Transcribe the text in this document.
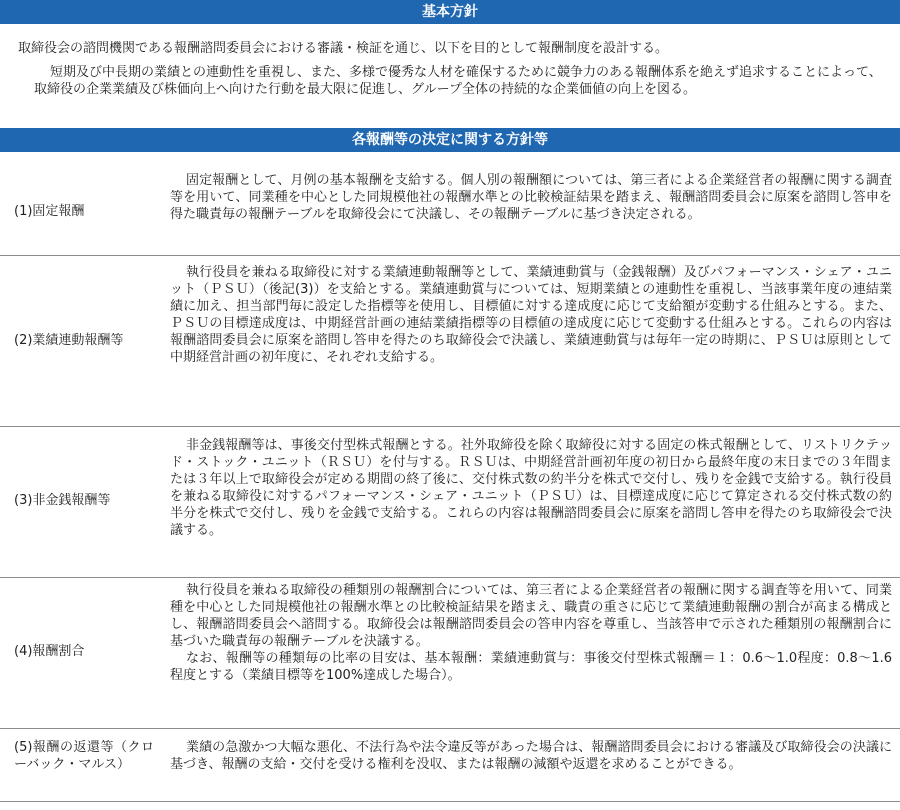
基本方針
取締役会の諮問機関である報酬諮問委員会における審議・検証を通じ、以下を目的として報酬制度を設計する。
短期及び中長期の業績との連動性を重視し、また、多様で優秀な人材を確保するために競争力のある報酬体系を絶えず追求することによって、取締役の企業業績及び株価向上へ向けた行動を最大限に促進し、グループ全体の持続的な企業価値の向上を図る。
各報酬等の決定に関する方針等
(1)固定報酬
固定報酬として、月例の基本報酬を支給する。個人別の報酬額については、第三者による企業経営者の報酬に関する調査等を用いて、同業種を中心とした同規模他社の報酬水準との比較検証結果を踏まえ、報酬諮問委員会に原案を諮問し答申を得た職責毎の報酬テーブルを取締役会にて決議し、その報酬テーブルに基づき決定される。
(2)業績連動報酬等
執行役員を兼ねる取締役に対する業績連動報酬等として、業績連動賞与（金銭報酬）及びパフォーマンス・シェア・ユニット（ＰＳＵ）（後記(3)）を支給とする。業績連動賞与については、短期業績との連動性を重視し、当該事業年度の連結業績に加え、担当部門毎に設定した指標等を使用し、目標値に対する達成度に応じて支給額が変動する仕組みとする。また、ＰＳＵの目標達成度は、中期経営計画の連結業績指標等の目標値の達成度に応じて変動する仕組みとする。これらの内容は報酬諮問委員会に原案を諮問し答申を得たのち取締役会で決議し、業績連動賞与は毎年一定の時期に、ＰＳＵは原則として中期経営計画の初年度に、それぞれ支給する。
(3)非金銭報酬等
非金銭報酬等は、事後交付型株式報酬とする。社外取締役を除く取締役に対する固定の株式報酬として、リストリクテッド・ストック・ユニット（ＲＳＵ）を付与する。ＲＳＵは、中期経営計画初年度の初日から最終年度の末日までの３年間または３年以上で取締役会が定める期間の終了後に、交付株式数の約半分を株式で交付し、残りを金銭で支給する。執行役員を兼ねる取締役に対するパフォーマンス・シェア・ユニット（ＰＳＵ）は、目標達成度に応じて算定される交付株式数の約半分を株式で交付し、残りを金銭で支給する。これらの内容は報酬諮問委員会に原案を諮問し答申を得たのち取締役会で決議する。
(4)報酬割合

執行役員を兼ねる取締役の種類別の報酬割合については、第三者による企業経営者の報酬に関する調査等を用いて、同業種を中心とした同規模他社の報酬水準との比較検証結果を踏まえ、職責の重さに応じて業績連動報酬の割合が高まる構成とし、報酬諮問委員会へ諮問する。取締役会は報酬諮問委員会の答申内容を尊重し、当該答申で示された種類別の報酬割合に基づいた職責毎の報酬テーブルを決議する。

なお、報酬等の種類毎の比率の目安は、基本報酬：業績連動賞与：事後交付型株式報酬＝１：0.6〜1.0程度：0.8〜1.6程度とする（業績目標等を100%達成した場合）。

(5)報酬の返還等（クローバック・マルス）
業績の急激かつ大幅な悪化、不法行為や法令違反等があった場合は、報酬諮問委員会における審議及び取締役会の決議に基づき、報酬の支給・交付を受ける権利を没収、または報酬の減額や返還を求めることができる。
